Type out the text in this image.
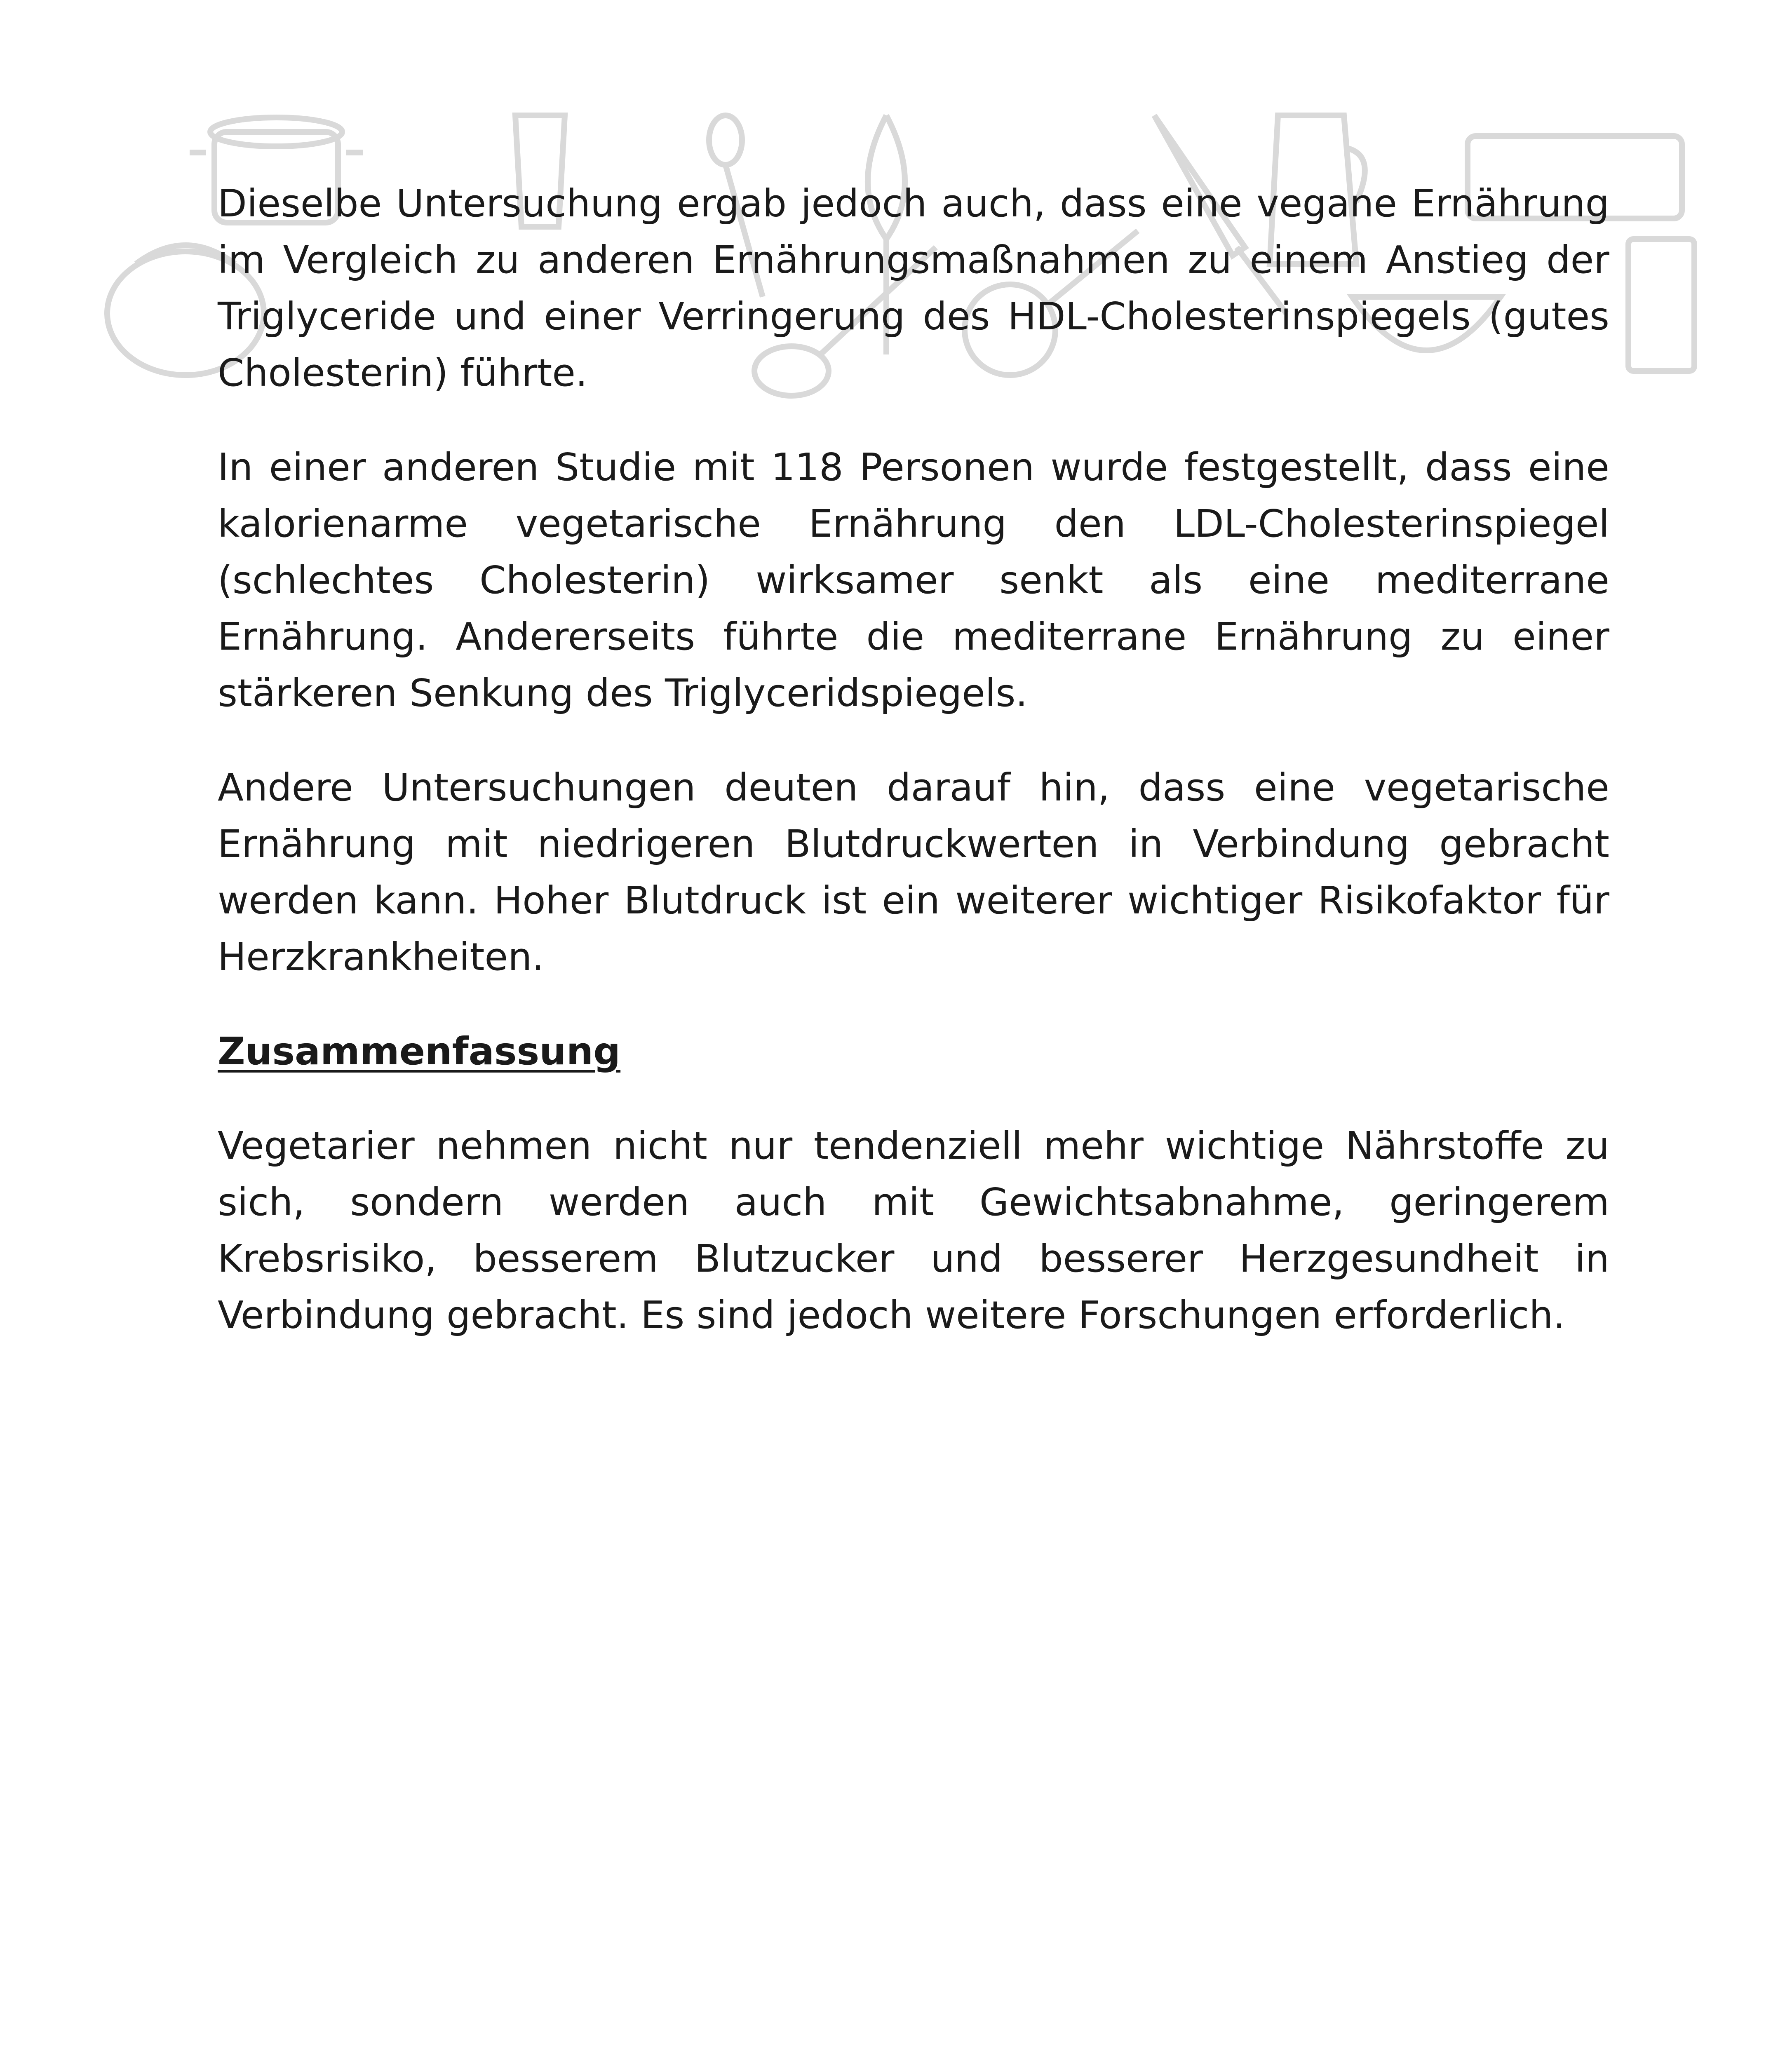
Dieselbe Untersuchung ergab jedoch auch, dass eine vegane Ernährung im Vergleich zu anderen Ernährungsmaßnahmen zu einem Anstieg der Triglyceride und einer Verringerung des HDL-Cholesterinspiegels (gutes Cholesterin) führte.

In einer anderen Studie mit 118 Personen wurde festgestellt, dass eine kalorienarme vegetarische Ernährung den LDL-Cholesterinspiegel (schlechtes Cholesterin) wirksamer senkt als eine mediterrane Ernährung. Andererseits führte die mediterrane Ernährung zu einer stärkeren Senkung des Triglyceridspiegels.

Andere Untersuchungen deuten darauf hin, dass eine vegetarische Ernährung mit niedrigeren Blutdruckwerten in Verbindung gebracht werden kann. Hoher Blutdruck ist ein weiterer wichtiger Risikofaktor für Herzkrankheiten.

Zusammenfassung

Vegetarier nehmen nicht nur tendenziell mehr wichtige Nährstoffe zu sich, sondern werden auch mit Gewichtsabnahme, geringerem Krebsrisiko, besserem Blutzucker und besserer Herzgesundheit in Verbindung gebracht. Es sind jedoch weitere Forschungen erforderlich.
